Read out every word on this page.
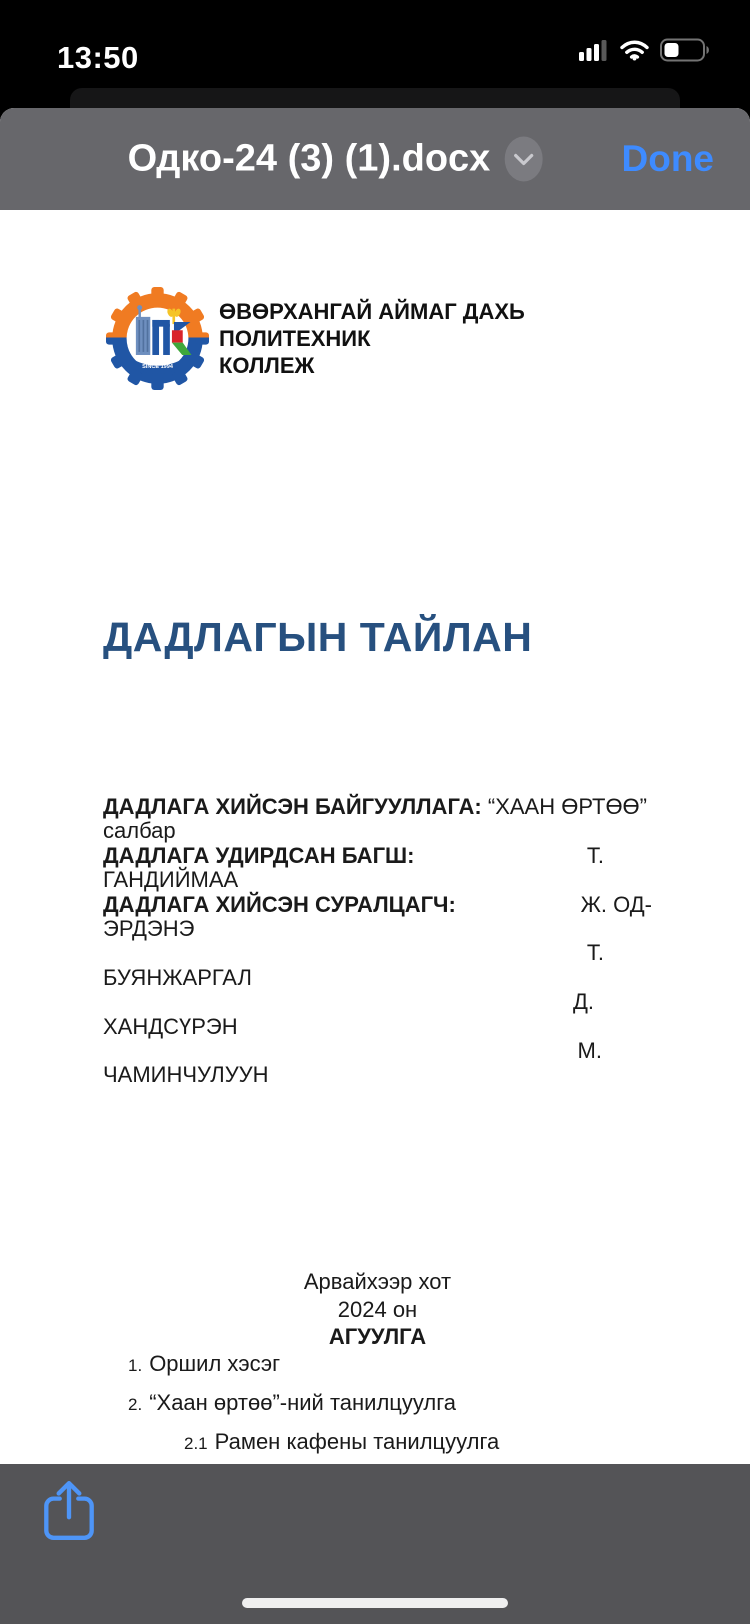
13:50
Одко-24 (3) (1).docx	Done
SINCE 1994
ӨВӨРХАНГАЙ АЙМАГ ДАХЬ ПОЛИТЕХНИК
КОЛЛЕЖ
ДАДЛАГЫН ТАЙЛАН
ДАДЛАГА ХИЙСЭН БАЙГУУЛЛАГА: “ХААН ӨРТӨӨ”
салбар
ДАДЛАГА УДИРДСАН БАГШ:	Т.
ГАНДИЙМАА
ДАДЛАГА ХИЙСЭН СУРАЛЦАГЧ:	Ж. ОД-
ЭРДЭНЭ
Т.
БУЯНЖАРГАЛ
Д.
ХАНДСҮРЭН
М.
ЧАМИНЧУЛУУН
Арвайхээр хот
2024 он
АГУУЛГА
1. Оршил хэсэг
2. “Хаан өртөө”-ний танилцуулга
2.1 Рамен кафены танилцуулга
